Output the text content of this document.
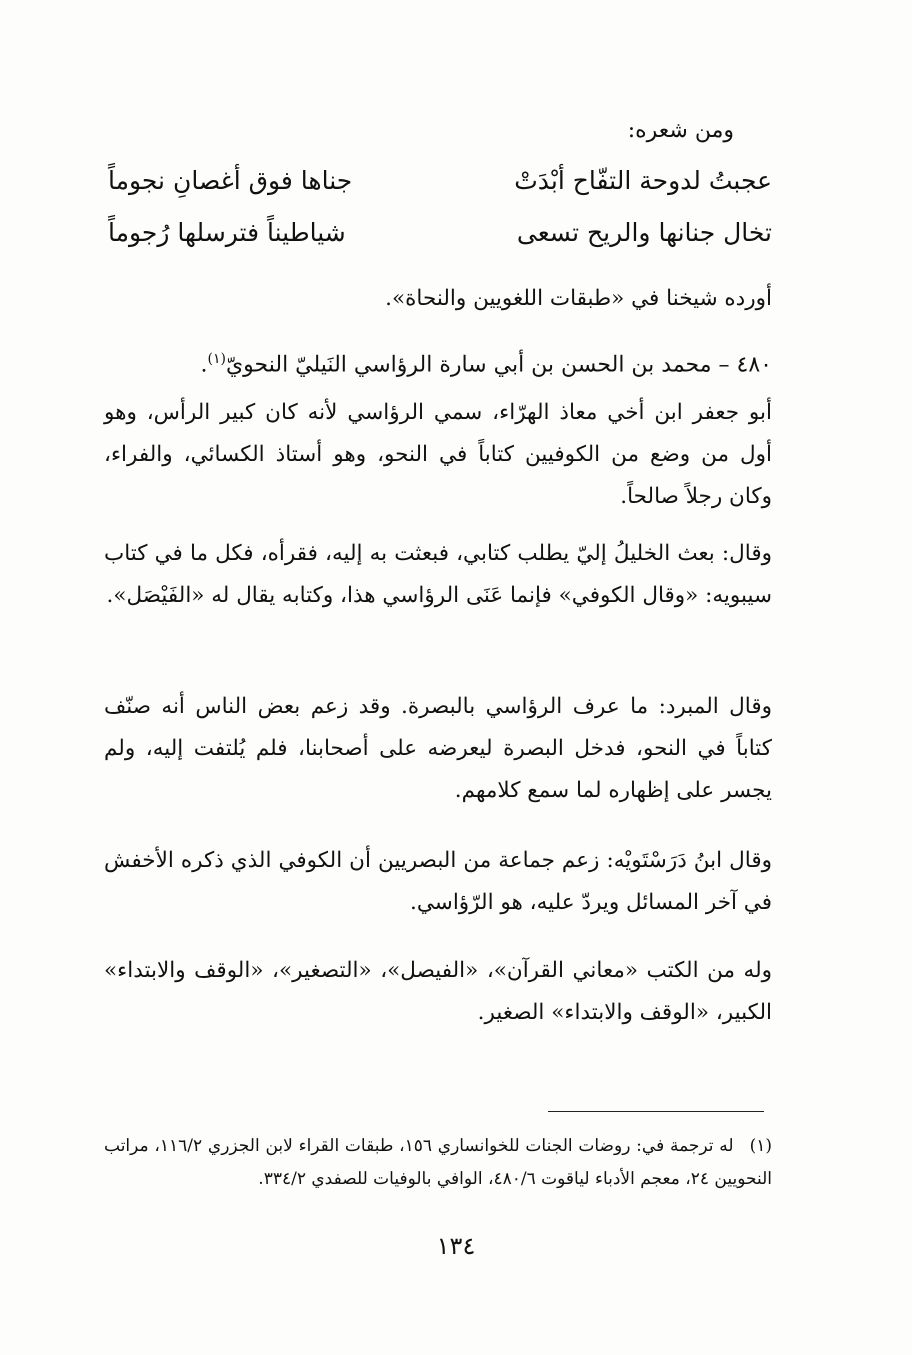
ومن شعره:
عجبتُ لدوحة التفّاح أبْدَتْ
جناها فوق أغصانِ نجوماً
تخال جنانها والريح تسعى
شياطيناً فترسلها رُجوماً

أورده شيخنا في «طبقات اللغويين والنحاة».

٤٨٠ – محمد بن الحسن بن أبي سارة الرؤاسي النَيليّ النحويّ$^{(١)}$.

أبو جعفر ابن أخي معاذ الهرّاء، سمي الرؤاسي لأنه كان كبير الرأس، وهو أول من وضع من الكوفيين كتاباً في النحو، وهو أستاذ الكسائي، والفراء، وكان رجلاً صالحاً.

وقال: بعث الخليلُ إليّ يطلب كتابي، فبعثت به إليه، فقرأه، فكل ما في كتاب سيبويه: «وقال الكوفي» فإنما عَنَى الرؤاسي هذا، وكتابه يقال له «الفَيْصَل».

وقال المبرد: ما عرف الرؤاسي بالبصرة. وقد زعم بعض الناس أنه صنّف كتاباً في النحو، فدخل البصرة ليعرضه على أصحابنا، فلم يُلتفت إليه، ولم يجسر على إظهاره لما سمع كلامهم.

وقال ابنُ دَرَسْتَويْه: زعم جماعة من البصريين أن الكوفي الذي ذكره الأخفش في آخر المسائل ويردّ عليه، هو الرّؤاسي.

وله من الكتب «معاني القرآن»، «الفيصل»، «التصغير»، «الوقف والابتداء» الكبير، «الوقف والابتداء» الصغير.

(١)له ترجمة في: روضات الجنات للخوانساري ١٥٦، طبقات القراء لابن الجزري ١١٦/٢، مراتب النحويين ٢٤، معجم الأدباء لياقوت ٤٨٠/٦، الوافي بالوفيات للصفدي ٣٣٤/٢.

١٣٤
